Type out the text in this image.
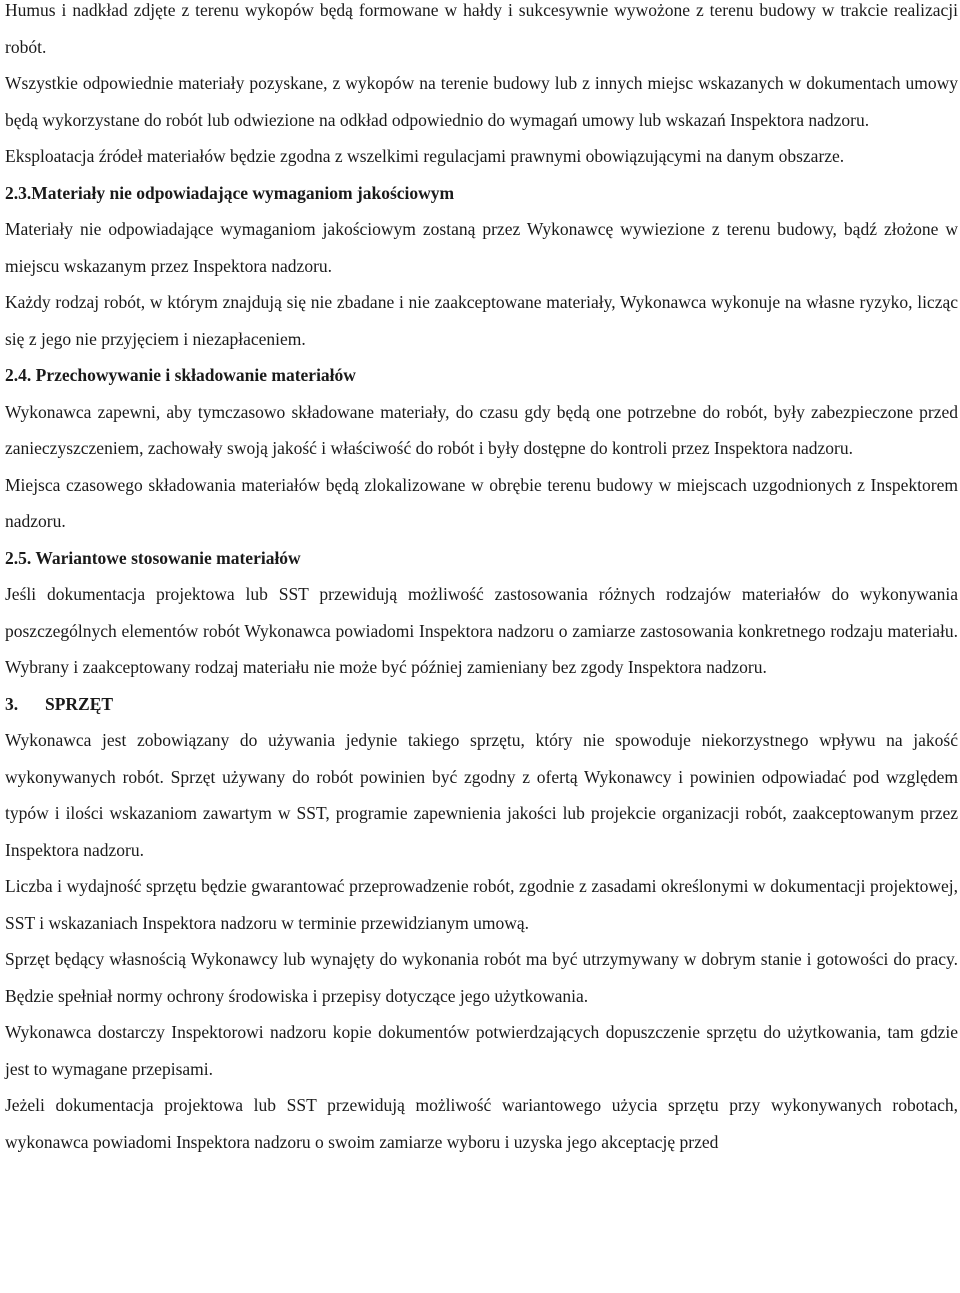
Humus i nadkład zdjęte z terenu wykopów będą formowane w hałdy i sukcesywnie wywożone z terenu budowy w trakcie realizacji robót.

Wszystkie odpowiednie materiały pozyskane, z wykopów na terenie budowy lub z innych miejsc wskazanych w dokumentach umowy będą wykorzystane do robót lub odwiezione na odkład odpowiednio do wymagań umowy lub wskazań Inspektora nadzoru.

Eksploatacja źródeł materiałów będzie zgodna z wszelkimi regulacjami prawnymi obowiązującymi na danym obszarze.

2.3.Materiały nie odpowiadające wymaganiom jakościowym

Materiały nie odpowiadające wymaganiom jakościowym zostaną przez Wykonawcę wywiezione z terenu budowy, bądź złożone w miejscu wskazanym przez Inspektora nadzoru.

Każdy rodzaj robót, w którym znajdują się nie zbadane i nie zaakceptowane materiały, Wykonawca wykonuje na własne ryzyko, licząc się z jego nie przyjęciem i niezapłaceniem.

2.4. Przechowywanie i składowanie materiałów

Wykonawca zapewni, aby tymczasowo składowane materiały, do czasu gdy będą one potrzebne do robót, były zabezpieczone przed zanieczyszczeniem, zachowały swoją jakość i właściwość do robót i były dostępne do kontroli przez Inspektora nadzoru.

Miejsca czasowego składowania materiałów będą zlokalizowane w obrębie terenu budowy w miejscach uzgodnionych z Inspektorem nadzoru.

2.5. Wariantowe stosowanie materiałów

Jeśli dokumentacja projektowa lub SST przewidują możliwość zastosowania różnych rodzajów materiałów do wykonywania poszczególnych elementów robót Wykonawca powiadomi Inspektora nadzoru o zamiarze zastosowania konkretnego rodzaju materiału. Wybrany i zaakceptowany rodzaj materiału nie może być później zamieniany bez zgody Inspektora nadzoru.

3. SPRZĘT

Wykonawca jest zobowiązany do używania jedynie takiego sprzętu, który nie spowoduje niekorzystnego wpływu na jakość wykonywanych robót. Sprzęt używany do robót powinien być zgodny z ofertą Wykonawcy i powinien odpowiadać pod względem typów i ilości wskazaniom zawartym w SST, programie zapewnienia jakości lub projekcie organizacji robót, zaakceptowanym przez Inspektora nadzoru.

Liczba i wydajność sprzętu będzie gwarantować przeprowadzenie robót, zgodnie z zasadami określonymi w dokumentacji projektowej, SST i wskazaniach Inspektora nadzoru w terminie przewidzianym umową.

Sprzęt będący własnością Wykonawcy lub wynajęty do wykonania robót ma być utrzymywany w dobrym stanie i gotowości do pracy. Będzie spełniał normy ochrony środowiska i przepisy dotyczące jego użytkowania.

Wykonawca dostarczy Inspektorowi nadzoru kopie dokumentów potwierdzających dopuszczenie sprzętu do użytkowania, tam gdzie jest to wymagane przepisami.

Jeżeli dokumentacja projektowa lub SST przewidują możliwość wariantowego użycia sprzętu przy wykonywanych robotach, wykonawca powiadomi Inspektora nadzoru o swoim zamiarze wyboru i uzyska jego akceptację przed
